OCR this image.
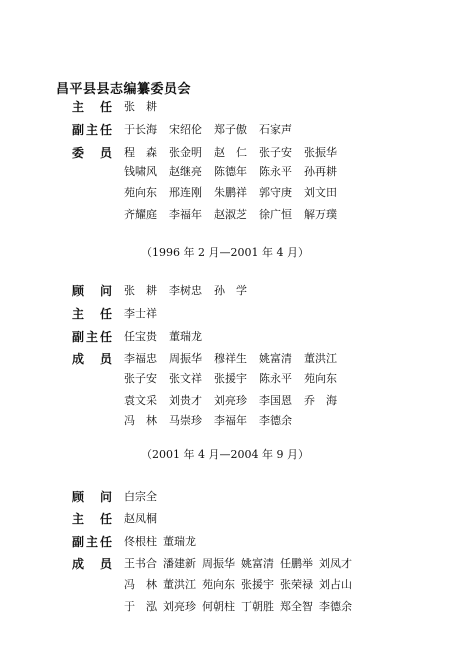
昌平县县志编纂委员会
主任 张　耕
副主任 于长海 宋绍伦 郑子傲 石家声
委员 程　森 张金明 赵　仁 张子安 张振华
钱啸风 赵继亮 陈德年 陈永平 孙再耕
苑向东 邢连刚 朱鹏祥 郭守庚 刘文田
齐耀庭 李福年 赵淑芝 徐广恒 解万璞
（1996 年 2 月—2001 年 4 月）
顾问 张　耕 李树忠 孙　学
主任 李士祥
副主任 任宝贵 董瑞龙
成员 李福忠 周振华 穆祥生 姚富清 董洪江
张子安 张文祥 张援宇 陈永平 苑向东
袁文采 刘贵才 刘亮珍 李国恩 乔　海
冯　林 马崇珍 李福年 李德余
（2001 年 4 月—2004 年 9 月）
顾问 白宗全
主任 赵凤桐
副主任 佟根柱 董瑞龙
成员 王书合 潘建新 周振华 姚富清 任鹏举 刘凤才
冯　林 董洪江 苑向东 张援宇 张荣禄 刘占山
于　泓 刘亮珍 何朝柱 丁朝胜 郑全智 李德余
